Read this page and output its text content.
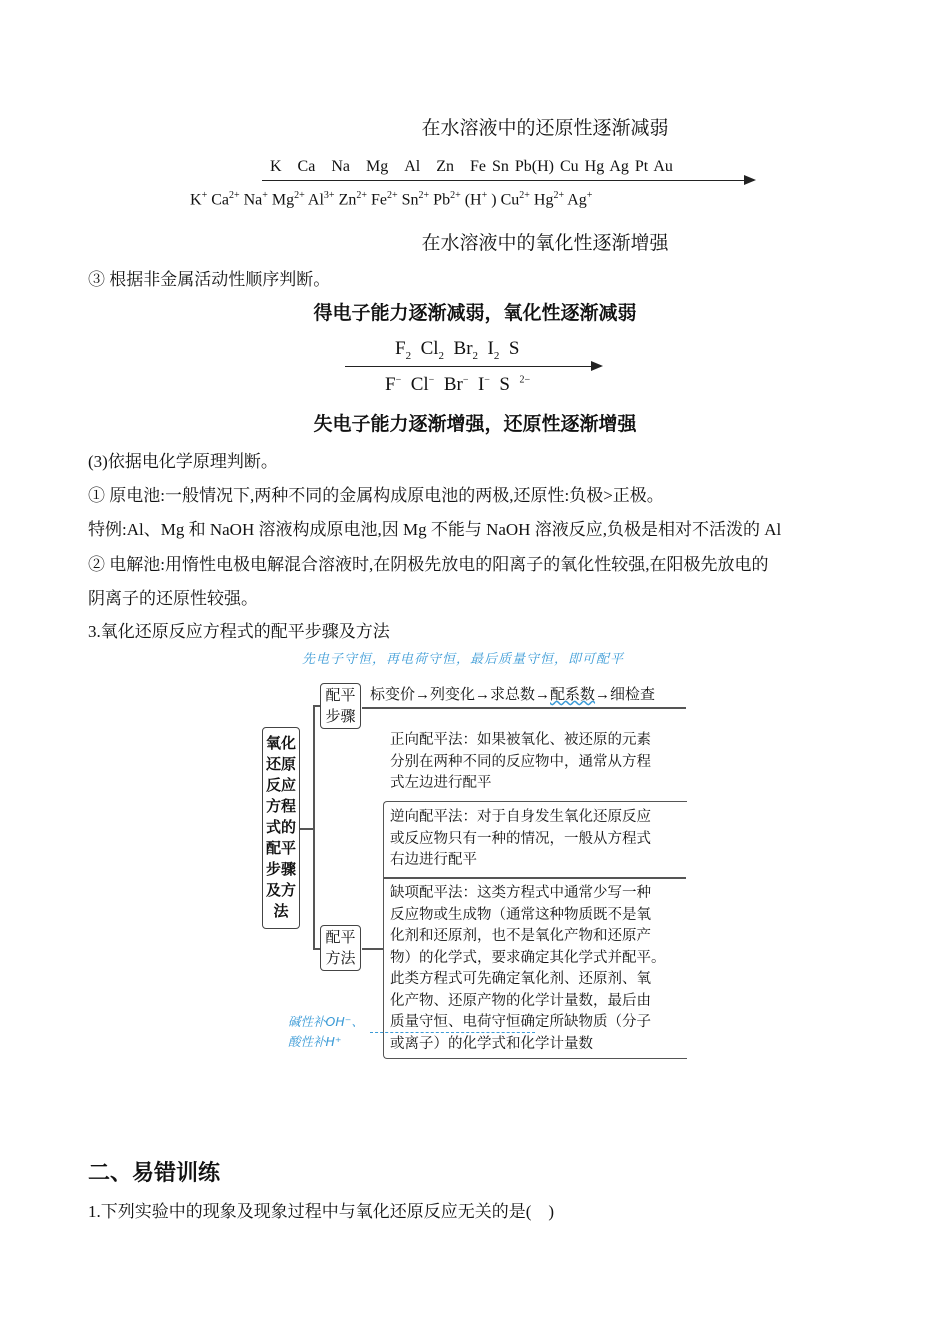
在水溶液中的还原性逐渐减弱
K　Ca　Na　Mg　Al　Zn　Fe Sn Pb(H) Cu Hg Ag Pt Au
K+ $Ca^{2+}$ Na+ $Mg^{2+}$ $Al^{3+}$ $Zn^{2+}$ $Fe^{2+}$ $Sn^{2+}$ $Pb^{2+}$ (H+ ) $Cu^{2+}$ $Hg^{2+}$ Ag+
在水溶液中的氧化性逐渐增强
③ 根据非金属活动性顺序判断。
得电子能力逐渐减弱，氧化性逐渐减弱
$F_2$ $Cl_2$ $Br_2$ $I_2$ S
F− Cl− Br− I− S $^{2-}$
失电子能力逐渐增强，还原性逐渐增强
(3)依据电化学原理判断。
① 原电池:一般情况下,两种不同的金属构成原电池的两极,还原性:负极>正极。
特例:Al、Mg 和 NaOH 溶液构成原电池,因 Mg 不能与 NaOH 溶液反应,负极是相对不活泼的 Al
② 电解池:用惰性电极电解混合溶液时,在阴极先放电的阳离子的氧化性较强,在阳极先放电的
阴离子的还原性较强。
3.氧化还原反应方程式的配平步骤及方法
先电子守恒，再电荷守恒，最后质量守恒，即可配平
氧化
还原
反应
方程
式的
配平
步骤
及方
法
配平
步骤
标变价→列变化→求总数→配系数→细检查
配平
方法
正向配平法：如果被氧化、被还原的元素
分别在两种不同的反应物中，通常从方程
式左边进行配平
逆向配平法：对于自身发生氧化还原反应
或反应物只有一种的情况，一般从方程式
右边进行配平
缺项配平法：这类方程式中通常少写一种
反应物或生成物（通常这种物质既不是氧
化剂和还原剂，也不是氧化产物和还原产
物）的化学式，要求确定其化学式并配平。
此类方程式可先确定氧化剂、还原剂、氧
化产物、还原产物的化学计量数，最后由
质量守恒、电荷守恒确定所缺物质（分子
或离子）的化学式和化学计量数
碱性补OH⁻、
酸性补H⁺
二、易错训练
1.下列实验中的现象及现象过程中与氧化还原反应无关的是(　)
